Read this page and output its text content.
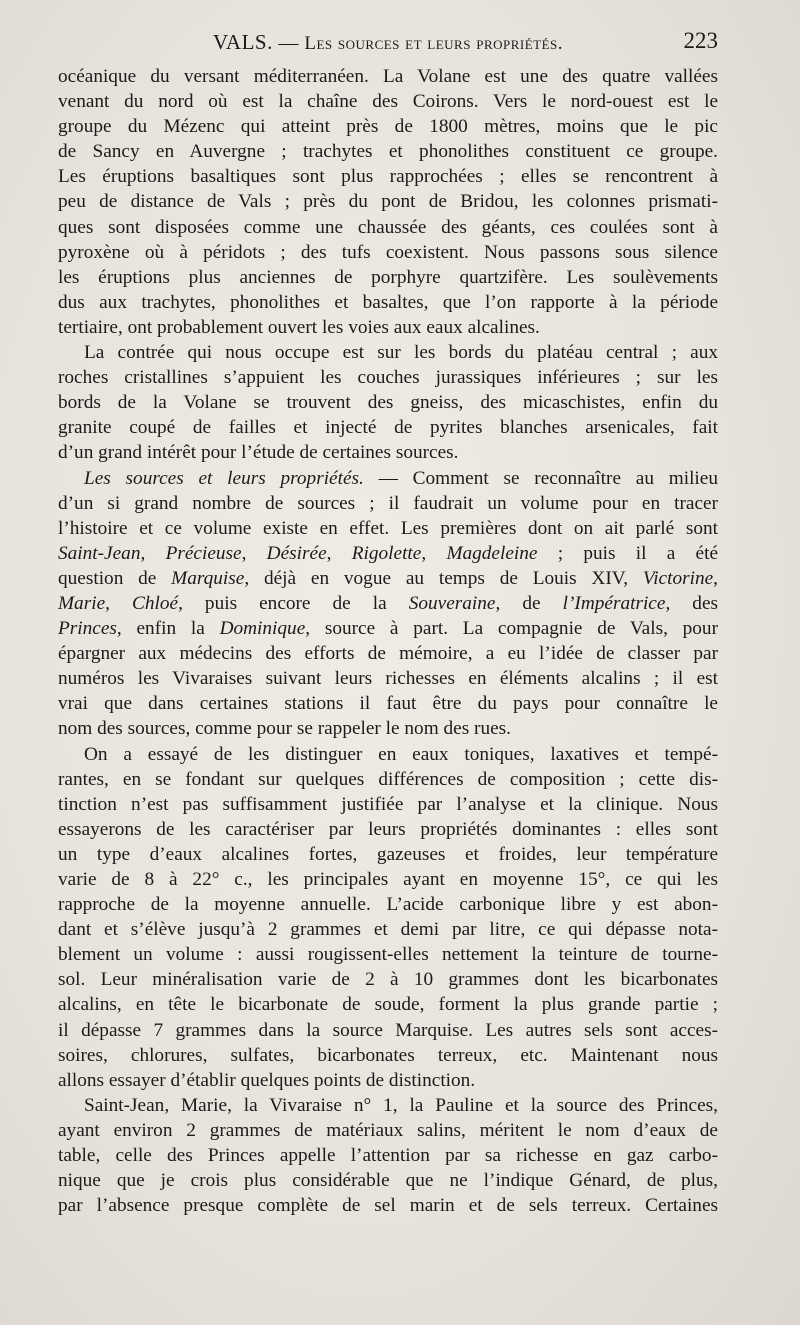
VALS. — Les sources et leurs propriétés.	223

océanique du versant méditerranéen. La Volane est une des quatre vallées
venant du nord où est la chaîne des Coirons. Vers le nord-ouest est le
groupe du Mézenc qui atteint près de 1800 mètres, moins que le pic
de Sancy en Auvergne ; trachytes et phonolithes constituent ce groupe.
Les éruptions basaltiques sont plus rapprochées ; elles se rencontrent à
peu de distance de Vals ; près du pont de Bridou, les colonnes prismati-
ques sont disposées comme une chaussée des géants, ces coulées sont à
pyroxène où à péridots ; des tufs coexistent. Nous passons sous silence
les éruptions plus anciennes de porphyre quartzifère. Les soulèvements
dus aux trachytes, phonolithes et basaltes, que l’on rapporte à la période
tertiaire, ont probablement ouvert les voies aux eaux alcalines.

La contrée qui nous occupe est sur les bords du platéau central ; aux
roches cristallines s’appuient les couches jurassiques inférieures ; sur les
bords de la Volane se trouvent des gneiss, des micaschistes, enfin du
granite coupé de failles et injecté de pyrites blanches arsenicales, fait
d’un grand intérêt pour l’étude de certaines sources.

Les sources et leurs propriétés. — Comment se reconnaître au milieu
d’un si grand nombre de sources ; il faudrait un volume pour en tracer
l’histoire et ce volume existe en effet. Les premières dont on ait parlé sont
Saint-Jean, Précieuse, Désirée, Rigolette, Magdeleine ; puis il a été
question de Marquise, déjà en vogue au temps de Louis XIV, Victorine,
Marie, Chloé, puis encore de la Souveraine, de l’Impératrice, des
Princes, enfin la Dominique, source à part. La compagnie de Vals, pour
épargner aux médecins des efforts de mémoire, a eu l’idée de classer par
numéros les Vivaraises suivant leurs richesses en éléments alcalins ; il est
vrai que dans certaines stations il faut être du pays pour connaître le
nom des sources, comme pour se rappeler le nom des rues.

On a essayé de les distinguer en eaux toniques, laxatives et tempé-
rantes, en se fondant sur quelques différences de composition ; cette dis-
tinction n’est pas suffisamment justifiée par l’analyse et la clinique. Nous
essayerons de les caractériser par leurs propriétés dominantes : elles sont
un type d’eaux alcalines fortes, gazeuses et froides, leur température
varie de 8 à 22° c., les principales ayant en moyenne 15°, ce qui les
rapproche de la moyenne annuelle. L’acide carbonique libre y est abon-
dant et s’élève jusqu’à 2 grammes et demi par litre, ce qui dépasse nota-
blement un volume : aussi rougissent-elles nettement la teinture de tourne-
sol. Leur minéralisation varie de 2 à 10 grammes dont les bicarbonates
alcalins, en tête le bicarbonate de soude, forment la plus grande partie ;
il dépasse 7 grammes dans la source Marquise. Les autres sels sont acces-
soires, chlorures, sulfates, bicarbonates terreux, etc. Maintenant nous
allons essayer d’établir quelques points de distinction.

Saint-Jean, Marie, la Vivaraise n° 1, la Pauline et la source des Princes,
ayant environ 2 grammes de matériaux salins, méritent le nom d’eaux de
table, celle des Princes appelle l’attention par sa richesse en gaz carbo-
nique que je crois plus considérable que ne l’indique Génard, de plus,
par l’absence presque complète de sel marin et de sels terreux. Certaines
